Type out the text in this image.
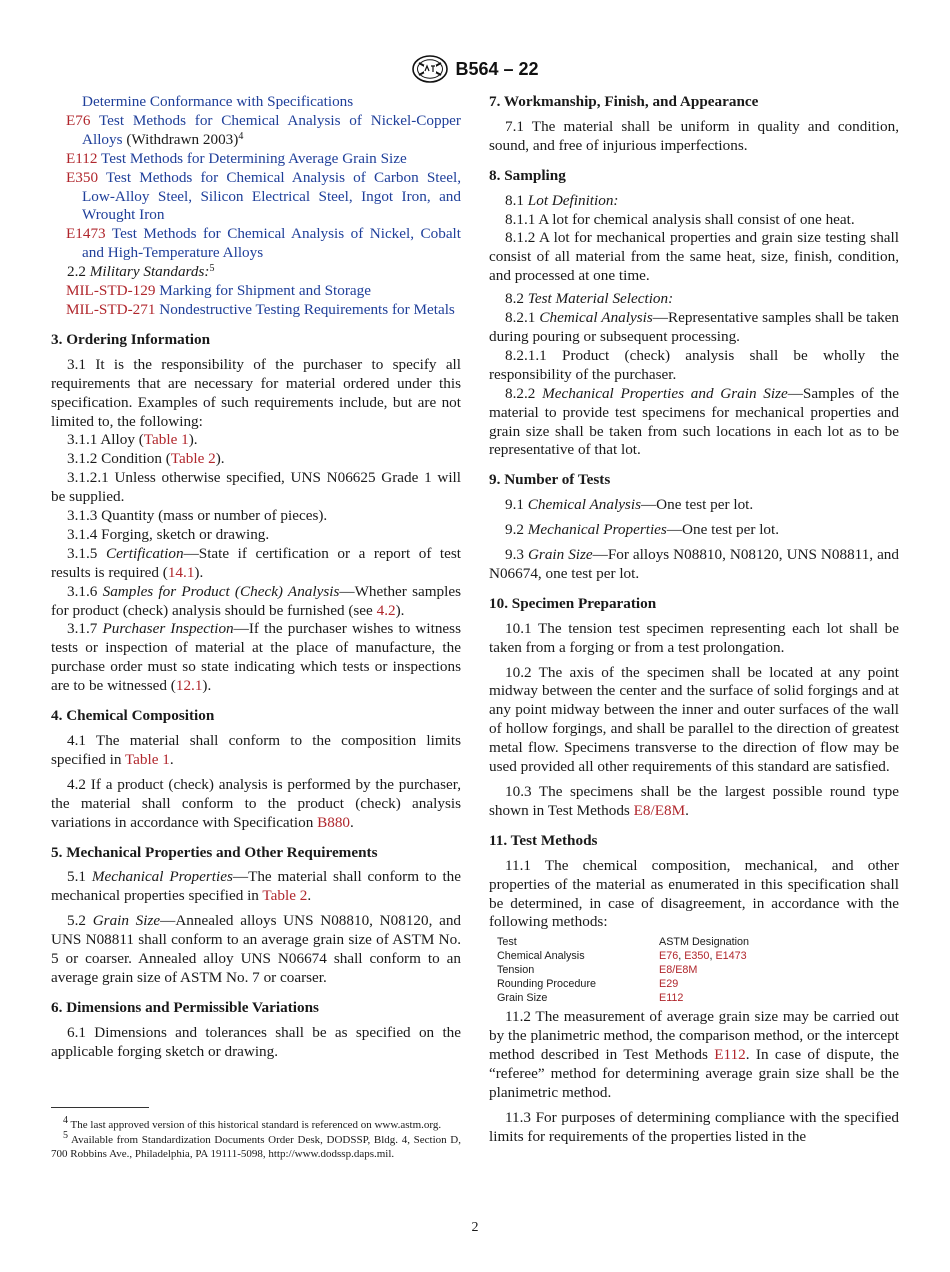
B564 – 22

Determine Conformance with Specifications

E76 Test Methods for Chemical Analysis of Nickel-Copper Alloys (Withdrawn 2003)$^4$

E112 Test Methods for Determining Average Grain Size

E350 Test Methods for Chemical Analysis of Carbon Steel, Low-Alloy Steel, Silicon Electrical Steel, Ingot Iron, and Wrought Iron

E1473 Test Methods for Chemical Analysis of Nickel, Cobalt and High-Temperature Alloys

2.2 Military Standards:$^5$

MIL-STD-129 Marking for Shipment and Storage

MIL-STD-271 Nondestructive Testing Requirements for Metals

3. Ordering Information

3.1 It is the responsibility of the purchaser to specify all requirements that are necessary for material ordered under this specification. Examples of such requirements include, but are not limited to, the following:

3.1.1 Alloy (Table 1).

3.1.2 Condition (Table 2).

3.1.2.1 Unless otherwise specified, UNS N06625 Grade 1 will be supplied.

3.1.3 Quantity (mass or number of pieces).

3.1.4 Forging, sketch or drawing.

3.1.5 Certification—State if certification or a report of test results is required (14.1).

3.1.6 Samples for Product (Check) Analysis—Whether samples for product (check) analysis should be furnished (see 4.2).

3.1.7 Purchaser Inspection—If the purchaser wishes to witness tests or inspection of material at the place of manufacture, the purchase order must so state indicating which tests or inspections are to be witnessed (12.1).

4. Chemical Composition

4.1 The material shall conform to the composition limits specified in Table 1.

4.2 If a product (check) analysis is performed by the purchaser, the material shall conform to the product (check) analysis variations in accordance with Specification B880.

5. Mechanical Properties and Other Requirements

5.1 Mechanical Properties—The material shall conform to the mechanical properties specified in Table 2.

5.2 Grain Size—Annealed alloys UNS N08810, N08120, and UNS N08811 shall conform to an average grain size of ASTM No. 5 or coarser. Annealed alloy UNS N06674 shall conform to an average grain size of ASTM No. 7 or coarser.

6. Dimensions and Permissible Variations

6.1 Dimensions and tolerances shall be as specified on the applicable forging sketch or drawing.

$^4$ The last approved version of this historical standard is referenced on www.astm.org.

$^5$ Available from Standardization Documents Order Desk, DODSSP, Bldg. 4, Section D, 700 Robbins Ave., Philadelphia, PA 19111-5098, http://www.dodssp.daps.mil.

7. Workmanship, Finish, and Appearance

7.1 The material shall be uniform in quality and condition, sound, and free of injurious imperfections.

8. Sampling

8.1 Lot Definition:

8.1.1 A lot for chemical analysis shall consist of one heat.

8.1.2 A lot for mechanical properties and grain size testing shall consist of all material from the same heat, size, finish, condition, and processed at one time.

8.2 Test Material Selection:

8.2.1 Chemical Analysis—Representative samples shall be taken during pouring or subsequent processing.

8.2.1.1 Product (check) analysis shall be wholly the responsibility of the purchaser.

8.2.2 Mechanical Properties and Grain Size—Samples of the material to provide test specimens for mechanical properties and grain size shall be taken from such locations in each lot as to be representative of that lot.

9. Number of Tests

9.1 Chemical Analysis—One test per lot.

9.2 Mechanical Properties—One test per lot.

9.3 Grain Size—For alloys N08810, N08120, UNS N08811, and N06674, one test per lot.

10. Specimen Preparation

10.1 The tension test specimen representing each lot shall be taken from a forging or from a test prolongation.

10.2 The axis of the specimen shall be located at any point midway between the center and the surface of solid forgings and at any point midway between the inner and outer surfaces of the wall of hollow forgings, and shall be parallel to the direction of greatest metal flow. Specimens transverse to the direction of flow may be used provided all other requirements of this standard are satisfied.

10.3 The specimens shall be the largest possible round type shown in Test Methods E8/E8M.

11. Test Methods

11.1 The chemical composition, mechanical, and other properties of the material as enumerated in this specification shall be determined, in case of disagreement, in accordance with the following methods:

Test	ASTM Designation
Chemical Analysis	E76, E350, E1473
Tension	E8/E8M
Rounding Procedure	E29
Grain Size	E112

11.2 The measurement of average grain size may be carried out by the planimetric method, the comparison method, or the intercept method described in Test Methods E112. In case of dispute, the “referee” method for determining average grain size shall be the planimetric method.

11.3 For purposes of determining compliance with the specified limits for requirements of the properties listed in the

2
